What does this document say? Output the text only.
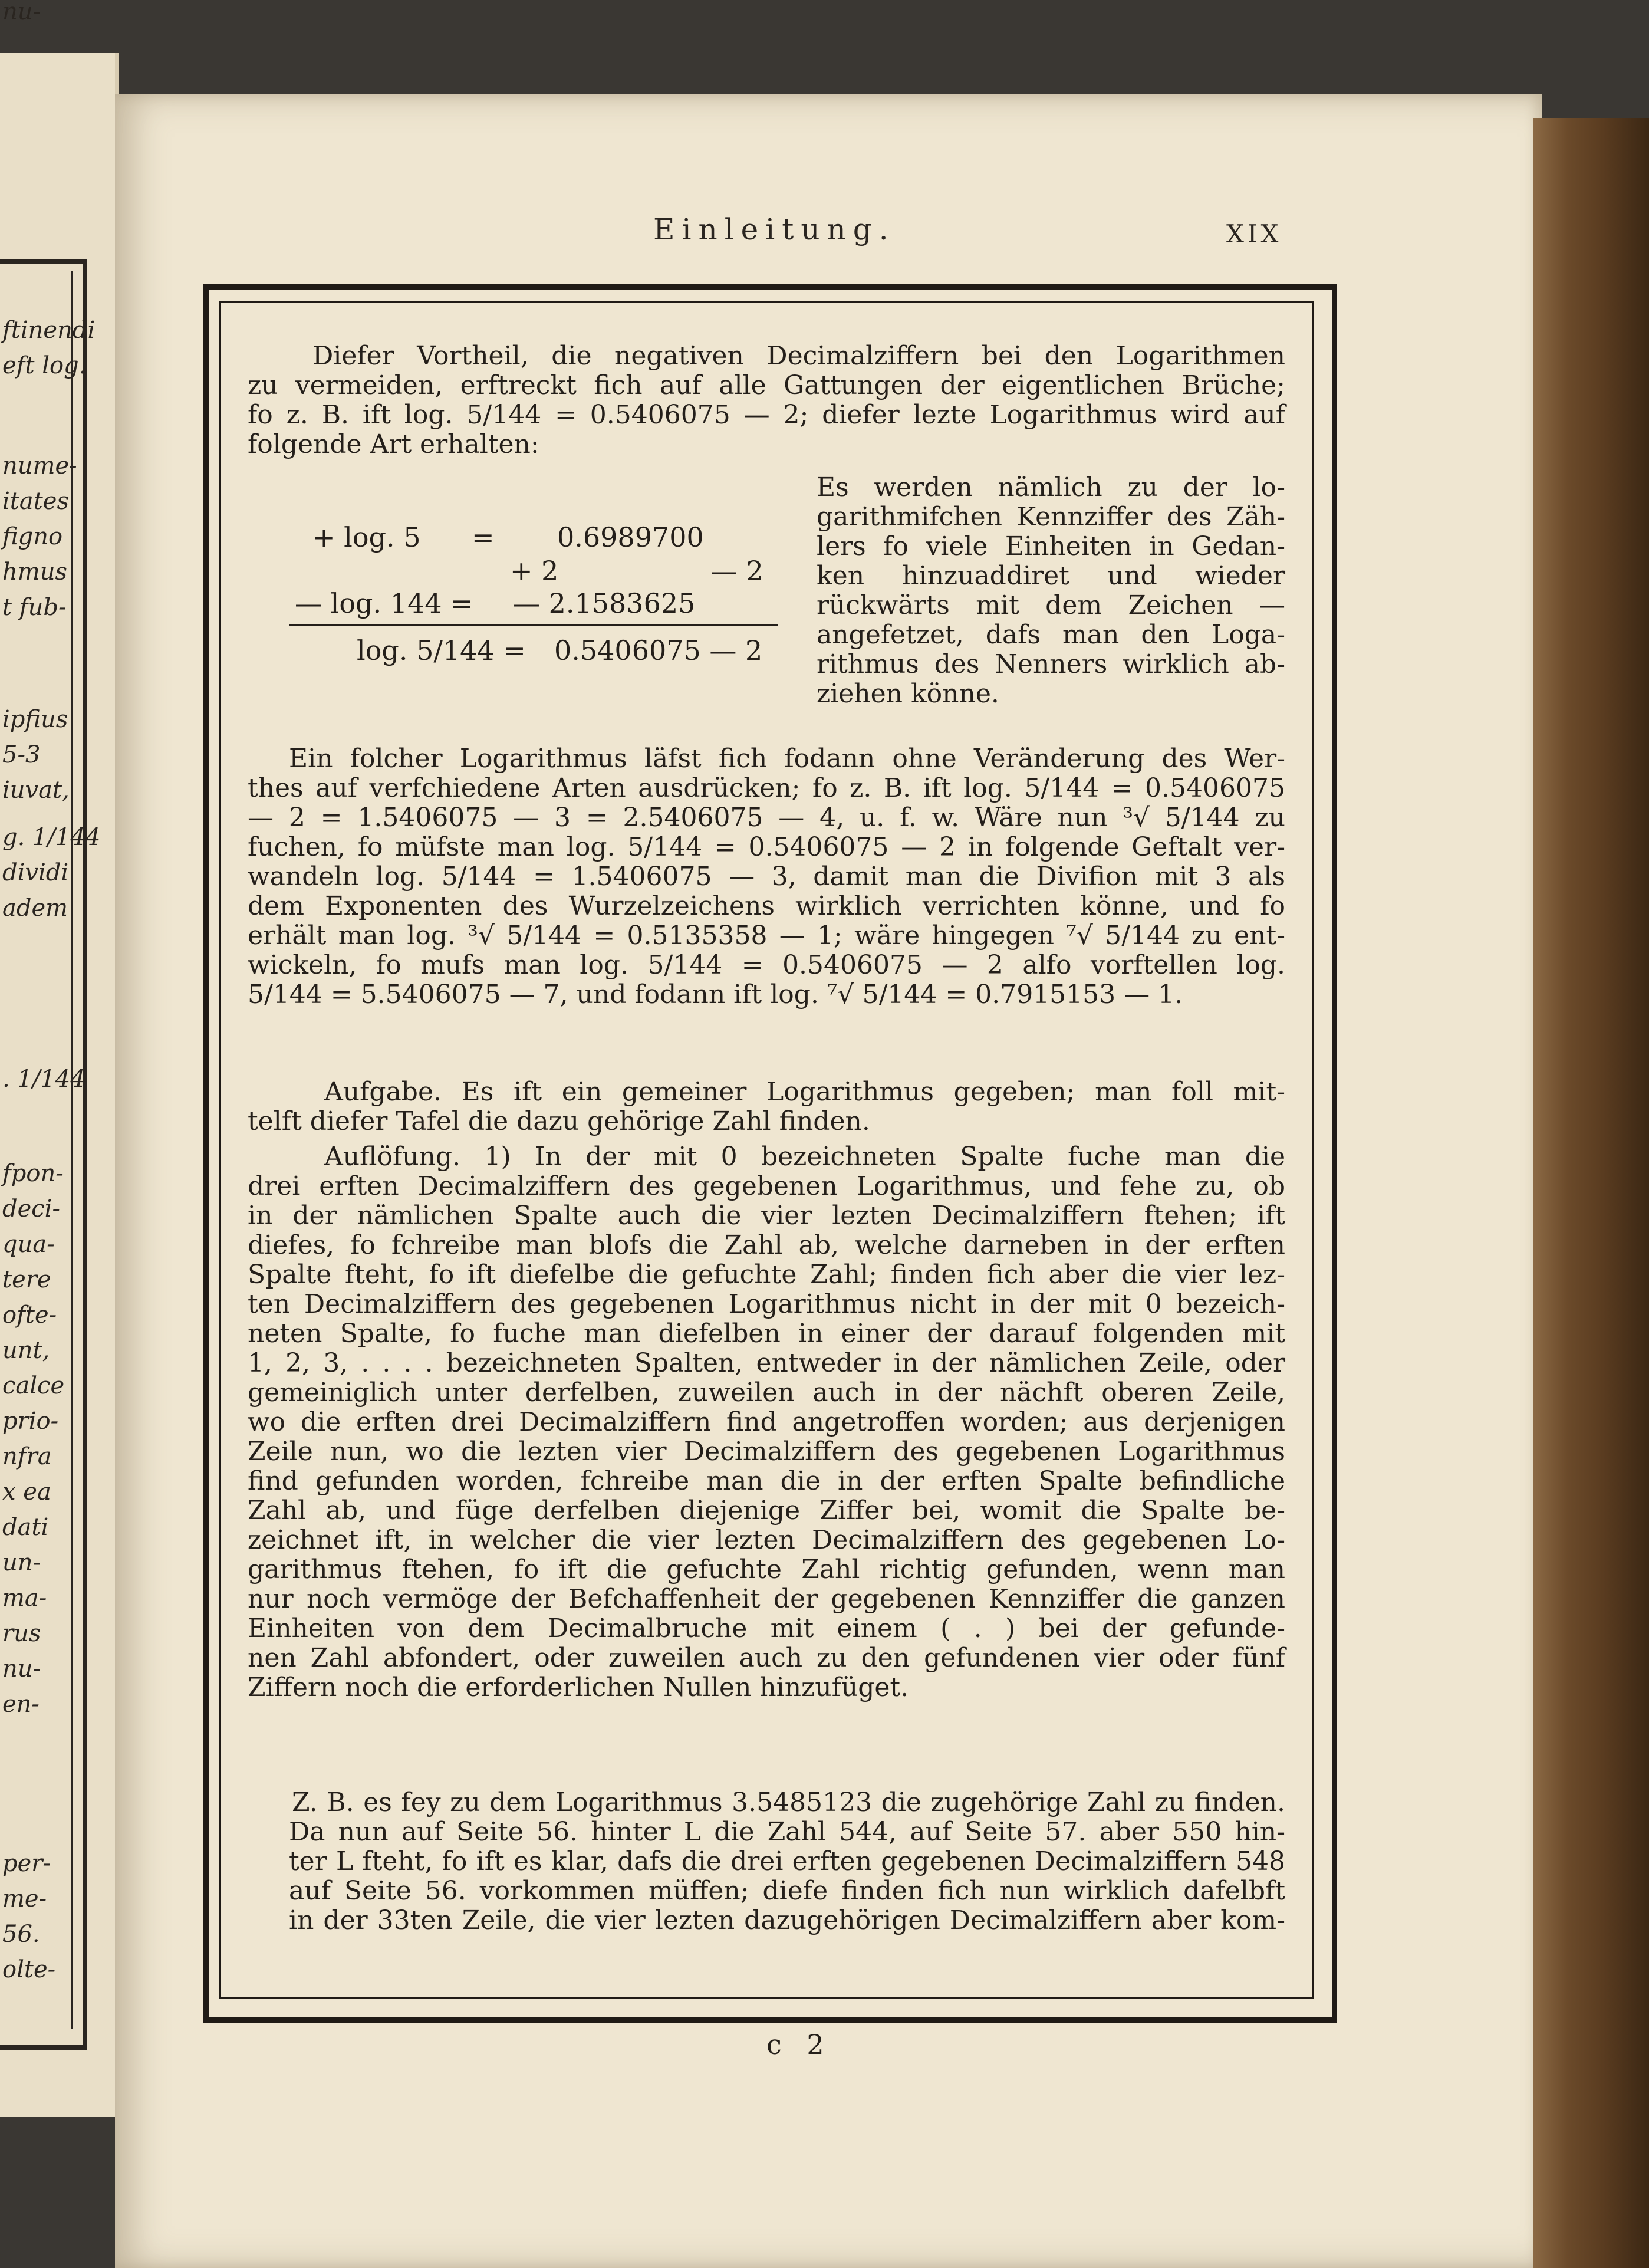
ftinendi
eft log.
nume-
itates
figno
hmus
t fub-
ipfius
5-3
iuvat,
g. 1/144
dividi
adem
. 1/144
fpon-
deci-
qua-
tere
ofte-
unt,
calce
prio-
nfra
x ea
dati
un-
ma-
rus
nu-
en-
per-
me-
56.
olte-
nu-
Einleitung.	XIX
Diefer Vortheil, die negativen Decimalziffern bei den Logarithmen
zu vermeiden, erftreckt fich auf alle Gattungen der eigentlichen Brüche;
fo z. B. ift log. 5/144 = 0.5406075 — 2; diefer lezte Logarithmus wird auf
folgende Art erhalten:
Es werden nämlich zu der lo-
garithmifchen Kennziffer des Zäh-
lers fo viele Einheiten in Gedan-
ken hinzuaddiret und wieder
rückwärts mit dem Zeichen —
angefetzet, dafs man den Loga-
rithmus des Nenners wirklich ab-
ziehen könne.
Ein folcher Logarithmus läfst fich fodann ohne Veränderung des Wer-
thes auf verfchiedene Arten ausdrücken; fo z. B. ift log. 5/144 = 0.5406075
— 2 = 1.5406075 — 3 = 2.5406075 — 4, u. f. w. Wäre nun ³√ 5/144 zu
fuchen, fo müfste man log. 5/144 = 0.5406075 — 2 in folgende Geftalt ver-
wandeln log. 5/144 = 1.5406075 — 3, damit man die Divifion mit 3 als
dem Exponenten des Wurzelzeichens wirklich verrichten könne, und fo
erhält man log. ³√ 5/144 = 0.5135358 — 1; wäre hingegen ⁷√ 5/144 zu ent-
wickeln, fo mufs man log. 5/144 = 0.5406075 — 2 alfo vorftellen log.
5/144 = 5.5406075 — 7, und fodann ift log. ⁷√ 5/144 = 0.7915153 — 1.
Aufgabe. Es ift ein gemeiner Logarithmus gegeben; man foll mit-
telft diefer Tafel die dazu gehörige Zahl finden.
Auflöfung. 1) In der mit 0 bezeichneten Spalte fuche man die
drei erften Decimalziffern des gegebenen Logarithmus, und fehe zu, ob
in der nämlichen Spalte auch die vier lezten Decimalziffern ftehen; ift
diefes, fo fchreibe man blofs die Zahl ab, welche darneben in der erften
Spalte fteht, fo ift diefelbe die gefuchte Zahl; finden fich aber die vier lez-
ten Decimalziffern des gegebenen Logarithmus nicht in der mit 0 bezeich-
neten Spalte, fo fuche man diefelben in einer der darauf folgenden mit
1, 2, 3, . . . . bezeichneten Spalten, entweder in der nämlichen Zeile, oder
gemeiniglich unter derfelben, zuweilen auch in der nächft oberen Zeile,
wo die erften drei Decimalziffern find angetroffen worden; aus derjenigen
Zeile nun, wo die lezten vier Decimalziffern des gegebenen Logarithmus
find gefunden worden, fchreibe man die in der erften Spalte befindliche
Zahl ab, und füge derfelben diejenige Ziffer bei, womit die Spalte be-
zeichnet ift, in welcher die vier lezten Decimalziffern des gegebenen Lo-
garithmus ftehen, fo ift die gefuchte Zahl richtig gefunden, wenn man
nur noch vermöge der Befchaffenheit der gegebenen Kennziffer die ganzen
Einheiten von dem Decimalbruche mit einem ( . ) bei der gefunde-
nen Zahl abfondert, oder zuweilen auch zu den gefundenen vier oder fünf
Ziffern noch die erforderlichen Nullen hinzufüget.
Z. B. es fey zu dem Logarithmus 3.5485123 die zugehörige Zahl zu finden.
Da nun auf Seite 56. hinter L die Zahl 544, auf Seite 57. aber 550 hin-
ter L fteht, fo ift es klar, dafs die drei erften gegebenen Decimalziffern 548
auf Seite 56. vorkommen müffen; diefe finden fich nun wirklich dafelbft
in der 33ten Zeile, die vier lezten dazugehörigen Decimalziffern aber kom-
+ log. 5 = 0.6989700
+ 2	— 2
— log. 144 = — 2.1583625
log. 5/144 = 0.5406075 — 2
c 2
